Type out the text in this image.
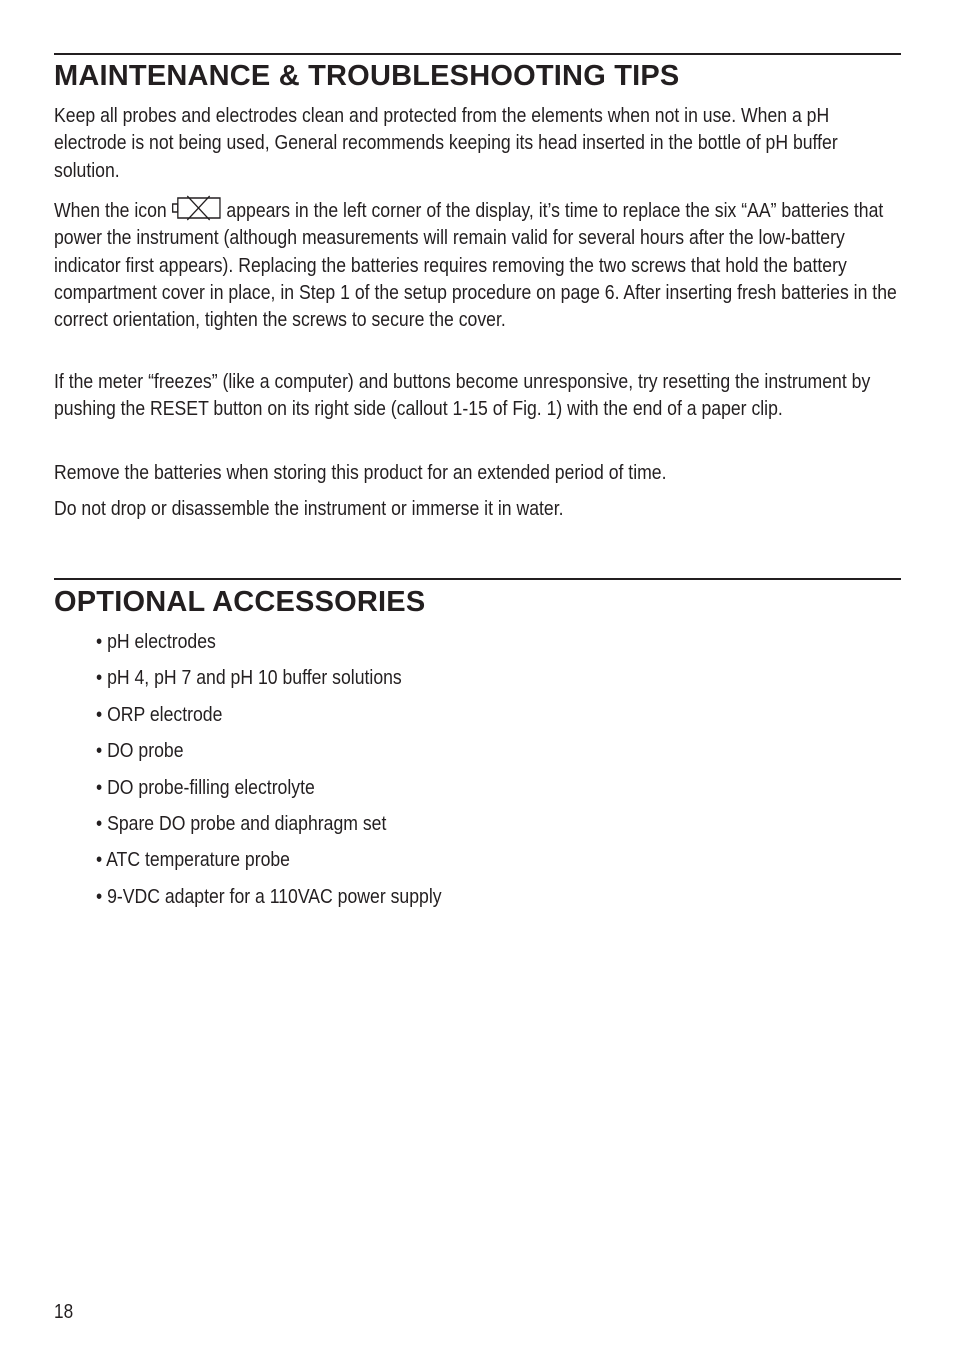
MAINTENANCE & TROUBLESHOOTING TIPS

Keep all probes and electrodes clean and protected from the elements when not in use. When a pH electrode is not being used, General recommends keeping its head inserted in the bottle of pH buffer solution.

When the icon	appears in the left corner of the display, it’s time to replace the six “AA” batteries that power the instrument (although measurements will remain valid for several hours after the low-battery indicator first appears). Replacing the batteries requires removing the two screws that hold the battery compartment cover in place, in Step 1 of the setup procedure on page 6. After inserting fresh batteries in the correct orientation, tighten the screws to secure the cover.

If the meter “freezes” (like a computer) and buttons become unresponsive, try resetting the instrument by pushing the RESET button on its right side (callout 1-15 of Fig. 1) with the end of a paper clip.

Remove the batteries when storing this product for an extended period of time.

Do not drop or disassemble the instrument or immerse it in water.

OPTIONAL ACCESSORIES
• pH electrodes
• pH 4, pH 7 and pH 10 buffer solutions
• ORP electrode
• DO probe
• DO probe-filling electrolyte
• Spare DO probe and diaphragm set
• ATC temperature probe
• 9-VDC adapter for a 110VAC power supply
18
